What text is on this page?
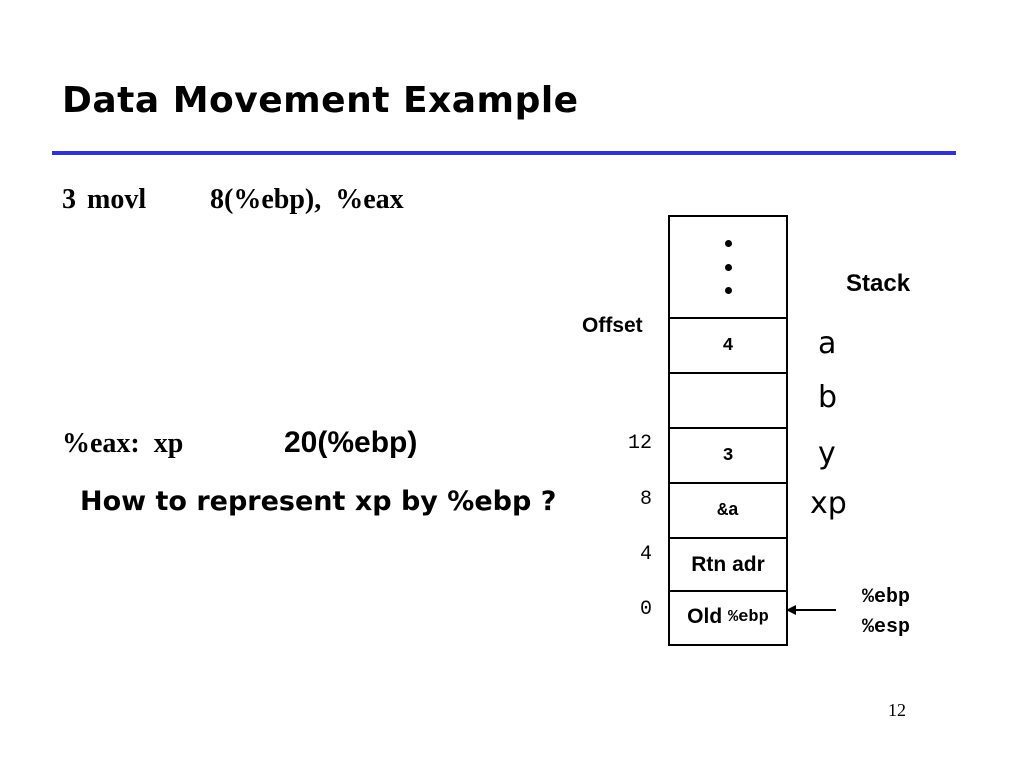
Data Movement Example
3 movl 8(%ebp),  %eax
%eax:  xp	20(%ebp)
How to represent xp by %ebp ?
Offset
Stack
12
8
4
0
4
3
&a
Rtn adr
Old %ebp
a
b
y
xp
%ebp
%esp
12
